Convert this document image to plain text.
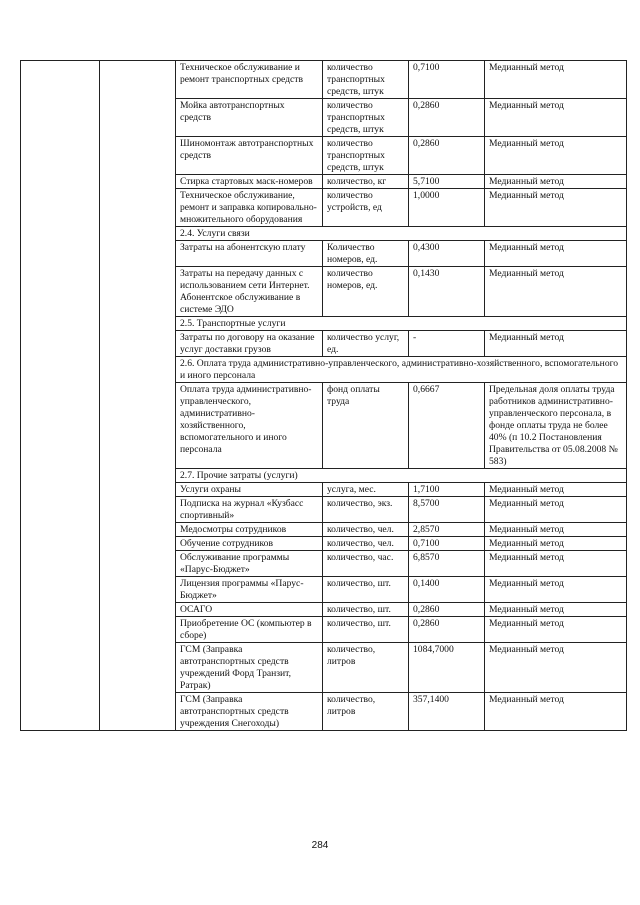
		Техническое обслуживание и ремонт транспортных средств	количество транспортных средств, штук	0,7100	Медианный метод
		Мойка автотранспортных средств	количество транспортных средств, штук	0,2860	Медианный метод
		Шиномонтаж автотранспортных средств	количество транспортных средств, штук	0,2860	Медианный метод
		Стирка стартовых маск-номеров	количество, кг	5,7100	Медианный метод
		Техническое обслуживание, ремонт и заправка копировально-множительного оборудования	количество устройств, ед	1,0000	Медианный метод
		2.4. Услуги связи			
		Затраты на абонентскую плату	Количество номеров, ед.	0,4300	Медианный метод
		Затраты на передачу данных с использованием сети Интернет. Абонентское обслуживание в системе ЭДО	количество номеров, ед.	0,1430	Медианный метод
		2.5. Транспортные услуги			
		Затраты по договору на оказание услуг доставки грузов	количество услуг, ед.	-	Медианный метод
		2.6. Оплата труда административно-управленческого, административно-хозяйственного, вспомогательного и иного персонала			
		Оплата труда административно-управленческого, административно-хозяйственного, вспомогательного и иного персонала	фонд оплаты труда	0,6667	Предельная доля оплаты труда работников административно-управленческого персонала, в фонде оплаты труда не более 40% (п 10.2 Постановления Правительства от 05.08.2008 № 583)
		2.7. Прочие затраты (услуги)			
		Услуги охраны	услуга, мес.	1,7100	Медианный метод
		Подписка на журнал «Кузбасс спортивный»	количество, экз.	8,5700	Медианный метод
		Медосмотры сотрудников	количество, чел.	2,8570	Медианный метод
		Обучение сотрудников	количество, чел.	0,7100	Медианный метод
		Обслуживание программы «Парус-Бюджет»	количество, час.	6,8570	Медианный метод
		Лицензия программы «Парус-Бюджет»	количество, шт.	0,1400	Медианный метод
		ОСАГО	количество, шт.	0,2860	Медианный метод
		Приобретение ОС (компьютер в сборе)	количество, шт.	0,2860	Медианный метод
		ГСМ (Заправка автотранспортных средств учреждений Форд Транзит, Ратрак)	количество, литров	1084,7000	Медианный метод
		ГСМ (Заправка автотранспортных средств учреждения Снегоходы)	количество, литров	357,1400	Медианный метод
284
